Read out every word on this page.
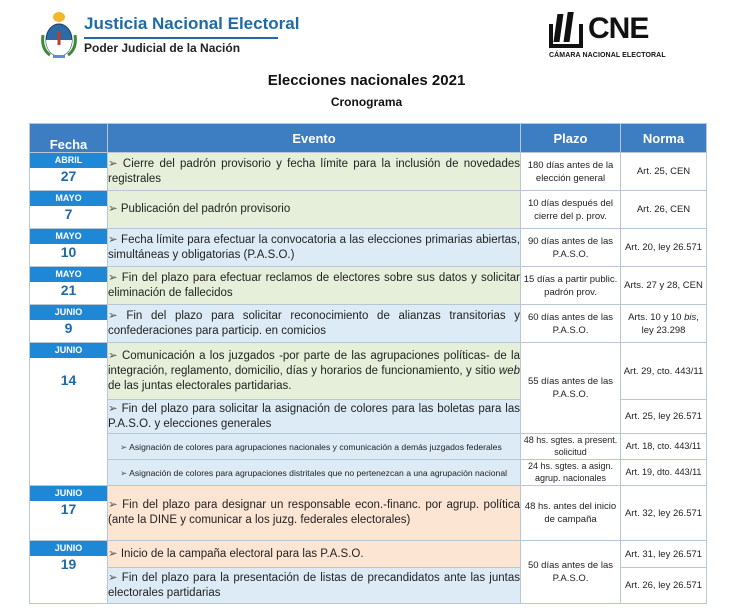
Justicia Nacional Electoral
Poder Judicial de la Nación
CNE
CÁMARA NACIONAL ELECTORAL
Elecciones nacionales 2021
Cronograma
Fecha	Evento	Plazo	Norma

ABRIL
27	➢ Cierre del padrón provisorio y fecha límite para la inclusión de novedades registrales	180 días antes de la elección general	Art. 25, CEN

MAYO
7	➢ Publicación del padrón provisorio	10 días después del cierre del p. prov.	Art. 26, CEN

MAYO
10	➢ Fecha límite para efectuar la convocatoria a las elecciones primarias abiertas, simultáneas y obligatorias (P.A.S.O.)	90 días antes de las P.A.S.O.	Art. 20, ley 26.571

MAYO
21	➢ Fin del plazo para efectuar reclamos de electores sobre sus datos y solicitar eliminación de fallecidos	15 días a partir public. padrón prov.	Arts. 27 y 28, CEN

JUNIO
9	➢ Fin del plazo para solicitar reconocimiento de alianzas transitorias y confederaciones para particip. en comicios	60 días antes de las P.A.S.O.	Arts. 10 y 10 bis, ley 23.298

JUNIO
14	➢ Comunicación a los juzgados -por parte de las agrupaciones políticas- de la integración, reglamento, domicilio, días y horarios de funcionamiento, y sitio web de las juntas electorales partidarias.	55 días antes de las P.A.S.O.	Art. 29, cto. 443/11
	➢ Fin del plazo para solicitar la asignación de colores para las boletas para las P.A.S.O. y elecciones generales		Art. 25, ley 26.571
	➢ Asignación de colores para agrupaciones nacionales y comunicación a demás juzgados federales	48 hs. sgtes. a present. solicitud	Art. 18, cto. 443/11
	➢ Asignación de colores para agrupaciones distritales que no pertenezcan a una agrupación nacional	24 hs. sgtes. a asign. agrup. nacionales	Art. 19, dto. 443/11

JUNIO
17	➢ Fin del plazo para designar un responsable econ.-financ. por agrup. política (ante la DINE y comunicar a los juzg. federales electorales)	48 hs. antes del inicio de campaña	Art. 32, ley 26.571

JUNIO
19	➢ Inicio de la campaña electoral para las P.A.S.O.	50 días antes de las P.A.S.O.	Art. 31, ley 26.571
	➢ Fin del plazo para la presentación de listas de precandidatos ante las juntas electorales partidarias		Art. 26, ley 26.571
